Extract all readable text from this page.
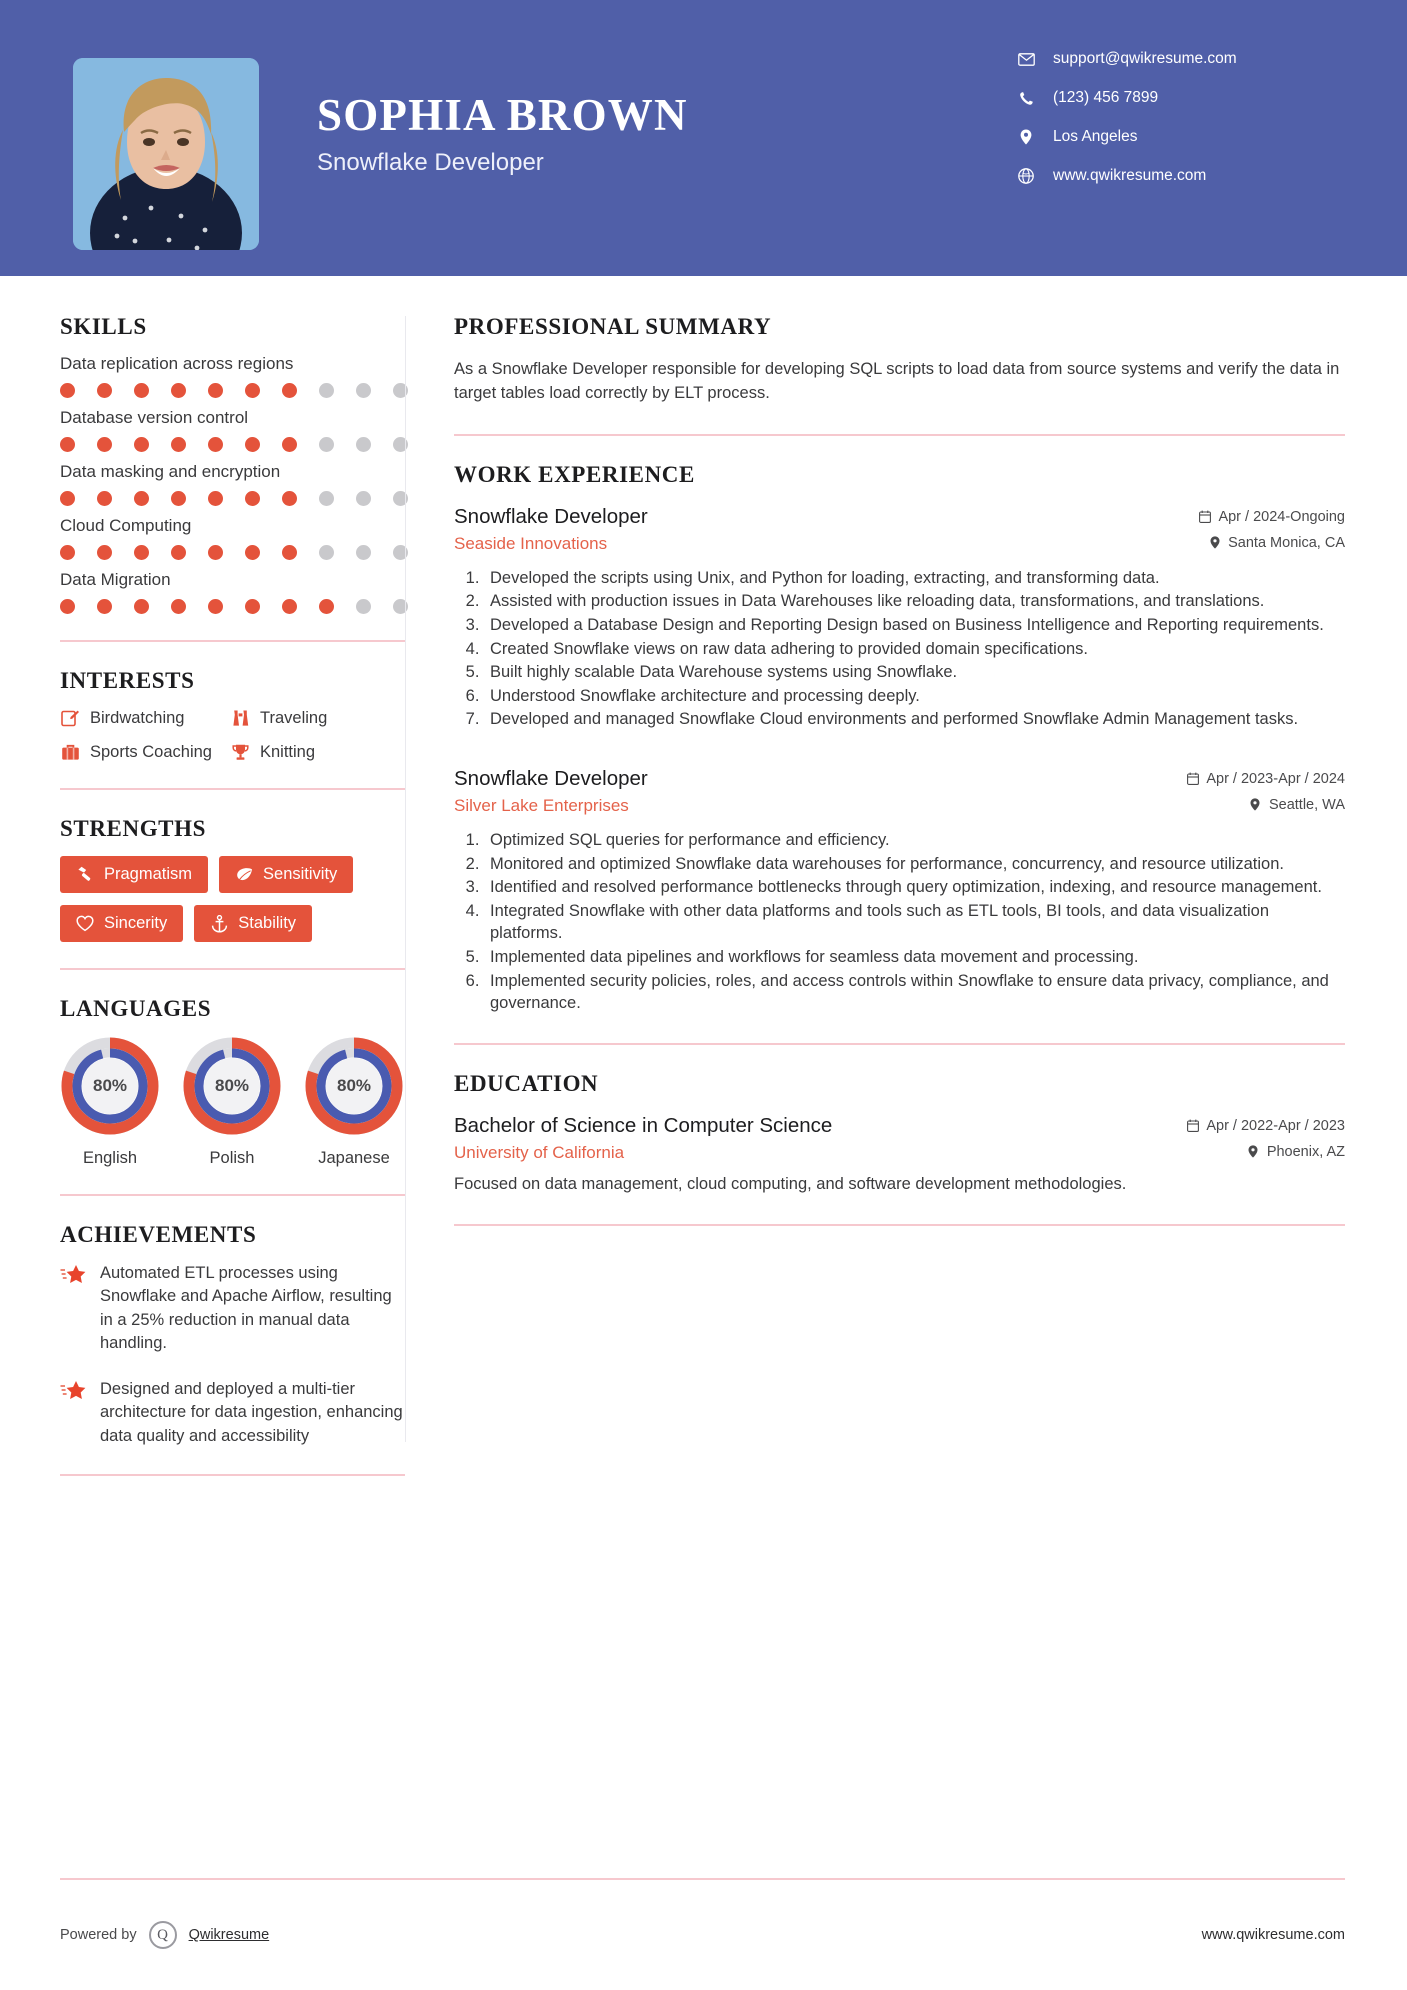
SOPHIA BROWN
Snowflake Developer
support@qwikresume.com
(123) 456 7899
Los Angeles
www.qwikresume.com
SKILLS
Data replication across regions
Database version control
Data masking and encryption
Cloud Computing
Data Migration
INTERESTS
Birdwatching	Traveling
Sports Coaching	Knitting
STRENGTHS
Pragmatism	Sensitivity
Sincerity	Stability
LANGUAGES
80%
English
80%
Polish
80%
Japanese
ACHIEVEMENTS
Automated ETL processes using Snowflake and Apache Airflow, resulting in a 25% reduction in manual data handling.
Designed and deployed a multi-tier architecture for data ingestion, enhancing data quality and accessibility
PROFESSIONAL SUMMARY
As a Snowflake Developer responsible for developing SQL scripts to load data from source systems and verify the data in target tables load correctly by ELT process.
WORK EXPERIENCE
Snowflake Developer
Seaside Innovations
Apr / 2024-Ongoing
Santa Monica, CA
1. Developed the scripts using Unix, and Python for loading, extracting, and transforming data.
2. Assisted with production issues in Data Warehouses like reloading data, transformations, and translations.
3. Developed a Database Design and Reporting Design based on Business Intelligence and Reporting requirements.
4. Created Snowflake views on raw data adhering to provided domain specifications.
5. Built highly scalable Data Warehouse systems using Snowflake.
6. Understood Snowflake architecture and processing deeply.
7. Developed and managed Snowflake Cloud environments and performed Snowflake Admin Management tasks.
Snowflake Developer
Silver Lake Enterprises
Apr / 2023-Apr / 2024
Seattle, WA
1. Optimized SQL queries for performance and efficiency.
2. Monitored and optimized Snowflake data warehouses for performance, concurrency, and resource utilization.
3. Identified and resolved performance bottlenecks through query optimization, indexing, and resource management.
4. Integrated Snowflake with other data platforms and tools such as ETL tools, BI tools, and data visualization platforms.
5. Implemented data pipelines and workflows for seamless data movement and processing.
6. Implemented security policies, roles, and access controls within Snowflake to ensure data privacy, compliance, and governance.
EDUCATION
Bachelor of Science in Computer Science
University of California
Apr / 2022-Apr / 2023
Phoenix, AZ
Focused on data management, cloud computing, and software development methodologies.
Powered by Q Qwikresume	www.qwikresume.com
